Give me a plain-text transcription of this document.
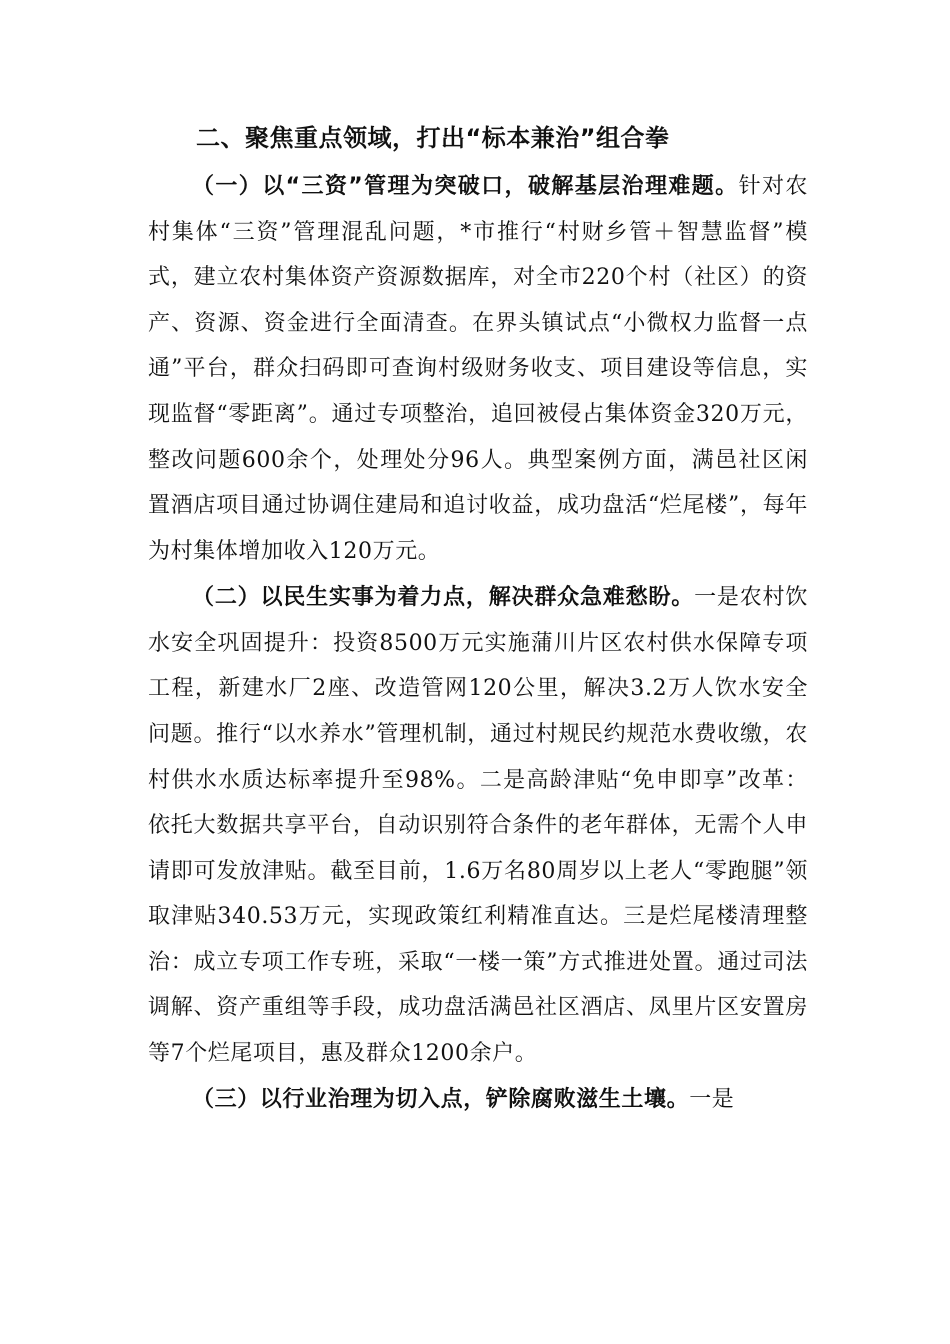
二、聚焦重点领域，打出“标本兼治”组合拳

（一）以“三资”管理为突破口，破解基层治理难题。针对农村集体“三资”管理混乱问题，*市推行“村财乡管＋智慧监督”模式，建立农村集体资产资源数据库，对全市220个村（社区）的资产、资源、资金进行全面清查。在界头镇试点“小微权力监督一点通”平台，群众扫码即可查询村级财务收支、项目建设等信息，实现监督“零距离”。通过专项整治，追回被侵占集体资金320万元，整改问题600余个，处理处分96人。典型案例方面，满邑社区闲置酒店项目通过协调住建局和追讨收益，成功盘活“烂尾楼”，每年为村集体增加收入120万元。

（二）以民生实事为着力点，解决群众急难愁盼。一是农村饮水安全巩固提升：投资8500万元实施蒲川片区农村供水保障专项工程，新建水厂2座、改造管网120公里，解决3.2万人饮水安全问题。推行“以水养水”管理机制，通过村规民约规范水费收缴，农村供水水质达标率提升至98%。二是高龄津贴“免申即享”改革：依托大数据共享平台，自动识别符合条件的老年群体，无需个人申请即可发放津贴。截至目前，1.6万名80周岁以上老人“零跑腿”领取津贴340.53万元，实现政策红利精准直达。三是烂尾楼清理整治：成立专项工作专班，采取“一楼一策”方式推进处置。通过司法调解、资产重组等手段，成功盘活满邑社区酒店、凤里片区安置房等7个烂尾项目，惠及群众1200余户。

（三）以行业治理为切入点，铲除腐败滋生土壤。一是
